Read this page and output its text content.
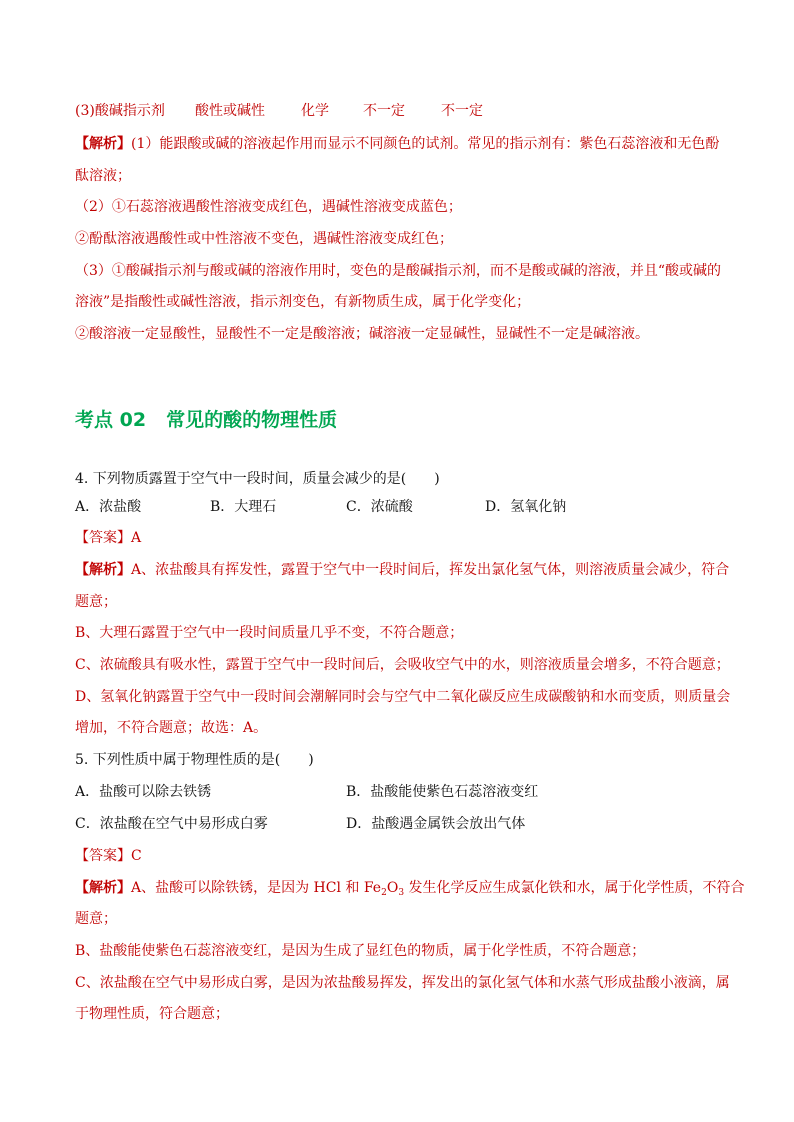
(3)酸碱指示剂 酸性或碱性	化学 不一定	不一定
【解析】(1）能跟酸或碱的溶液起作用而显示不同颜色的试剂。常见的指示剂有：紫色石蕊溶液和无色酚
酞溶液；
（2）①石蕊溶液遇酸性溶液变成红色，遇碱性溶液变成蓝色；
②酚酞溶液遇酸性或中性溶液不变色，遇碱性溶液变成红色；
（3）①酸碱指示剂与酸或碱的溶液作用时，变色的是酸碱指示剂，而不是酸或碱的溶液，并且“酸或碱的
溶液”是指酸性或碱性溶液，指示剂变色，有新物质生成，属于化学变化；
②酸溶液一定显酸性，显酸性不一定是酸溶液；碱溶液一定显碱性，显碱性不一定是碱溶液。
考点 02 常见的酸的物理性质
4. 下列物质露置于空气中一段时间，质量会减少的是(　　)
A．浓盐酸	B．大理石	C．浓硫酸	D．氢氧化钠
【答案】A
【解析】A、浓盐酸具有挥发性，露置于空气中一段时间后，挥发出氯化氢气体，则溶液质量会减少，符合
题意；
B、大理石露置于空气中一段时间质量几乎不变，不符合题意；
C、浓硫酸具有吸水性，露置于空气中一段时间后，会吸收空气中的水，则溶液质量会增多，不符合题意；
D、氢氧化钠露置于空气中一段时间会潮解同时会与空气中二氧化碳反应生成碳酸钠和水而变质，则质量会
增加，不符合题意；故选：A。
5. 下列性质中属于物理性质的是(　　)
A．盐酸可以除去铁锈	B．盐酸能使紫色石蕊溶液变红
C．浓盐酸在空气中易形成白雾	D．盐酸遇金属铁会放出气体
【答案】C
【解析】A、盐酸可以除铁锈，是因为 HCl 和 $Fe_2O_3$ 发生化学反应生成氯化铁和水，属于化学性质，不符合
题意；
B、盐酸能使紫色石蕊溶液变红，是因为生成了显红色的物质，属于化学性质，不符合题意；
C、浓盐酸在空气中易形成白雾，是因为浓盐酸易挥发，挥发出的氯化氢气体和水蒸气形成盐酸小液滴，属
于物理性质，符合题意；
